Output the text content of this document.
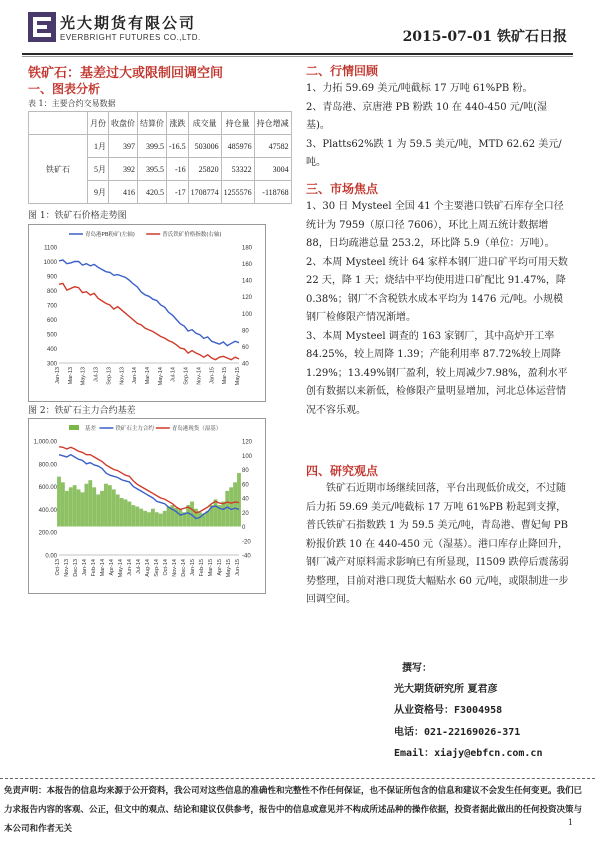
光大期货有限公司
EVERBRIGHT FUTURES CO.,LTD.	2015-07-01 铁矿石日报
铁矿石：基差过大或限制回调空间
一、图表分析
表 1：主要合约交易数据
	月份	收盘价	结算价	涨跌	成交量	持仓量	持仓增减
铁矿石	1月	397	399.5	-16.5	503006	485976	47582
	5月	392	395.5	-16	25820	53322	3004
	9月	416	420.5	-17	1708774	1255576	-118768
图 1：铁矿石价格走势图
300
400
500
600
700
800
900
1000
1100
40
60
80
100
120
140
160
180
Jan-13 Mar-13 May-13 Jul-13 Sep-13 Nov-13 Jan-14 Mar-14 May-14 Jul-14 Sep-14 Nov-14 Jan-15 Mar-15 May-15
青岛港PB粉矿(左轴)	普氏铁矿价格指数(右轴)
图 2：铁矿石主力合约基差
0.00
200.00
400.00
600.00
800.00
1,000.00
-40
-20
0
20
40
60
80
100
120
Oct-13 Nov-13 Dec-13 Jan-14 Feb-14 Mar-14 Apr-14 May-14 Jun-14 Jul-14 Aug-14 Sep-14 Oct-14 Nov-14 Dec-14 Jan-15 Feb-15 Mar-15 Apr-15 May-15 Jun-15
基差	铁矿石主力合约	青岛港现货（湿基）
二、行情回顾

1、力拓 59.69 美元/吨截标 17 万吨 61%PB 粉。

2、青岛港、京唐港 PB 粉跌 10 在 440-450 元/吨(湿基)。

3、Platts62%跌 1 为 59.5 美元/吨，MTD 62.62 美元/吨。

三、市场焦点

1、30 日 Mysteel 全国 41 个主要港口铁矿石库存全口径统计为 7959（原口径 7606），环比上周五统计数据增 88，日均疏港总量 253.2，环比降 5.9（单位：万吨）。

2、本周 Mysteel 统计 64 家样本钢厂进口矿平均可用天数 22 天，降 1 天；烧结中平均使用进口矿配比 91.47%，降 0.38%；钢厂不含税铁水成本平均为 1476 元/吨。小规模钢厂检修限产情况渐增。

3、本周 Mysteel 调查的 163 家钢厂，其中高炉开工率 84.25%，较上周降 1.39；产能利用率 87.72%较上周降 1.29%；13.49%钢厂盈利，较上周减少7.98%，盈利水平创有数据以来新低，检修限产量明显增加，河北总体运营情况不容乐观。

四、研究观点
铁矿石近期市场继续回落，平台出现低价成交，不过随后力拓 59.69 美元/吨截标 17 万吨 61%PB 粉起到支撑，普氏铁矿石指数跌 1 为 59.5 美元/吨，青岛港、曹妃甸 PB 粉报价跌 10 在 440-450 元（湿基）。港口库存止降回升，钢厂减产对原料需求影响已有所显现，I1509 跌停后震荡弱势整理，目前对港口现货大幅贴水 60 元/吨，或限制进一步回调空间。
撰写：
光大期货研究所 夏君彦
从业资格号：F3004958
电话：021-22169026-371
Email：xiajy@ebfcn.com.cn
免责声明：本报告的信息均来源于公开资料，我公司对这些信息的准确性和完整性不作任何保证，也不保证所包含的信息和建议不会发生任何变更。我们已力求报告内容的客观、公正，但文中的观点、结论和建议仅供参考，报告中的信息或意见并不构成所述品种的操作依据，投资者据此做出的任何投资决策与本公司和作者无关
1
